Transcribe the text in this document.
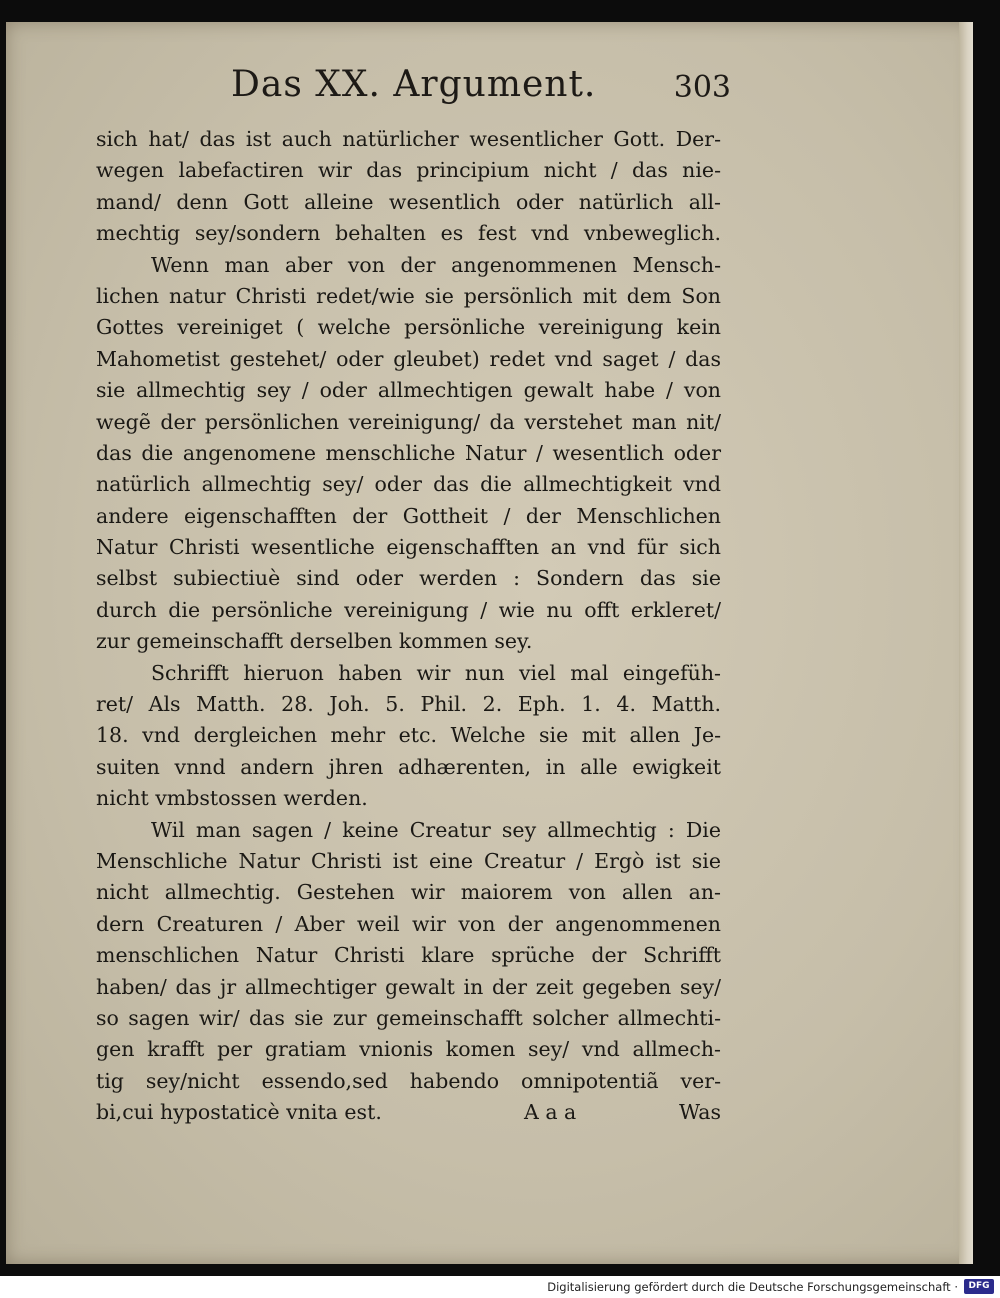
Das XX. Argument.	303
sich hat/ das ist auch natürlicher wesentlicher Gott. Der-
wegen labefactiren wir das principium nicht / das nie-
mand/ denn Gott alleine wesentlich oder natürlich all-
mechtig sey/sondern behalten es fest vnd vnbeweglich.
Wenn man aber von der angenommenen Mensch-
lichen natur Christi redet/wie sie persönlich mit dem Son
Gottes vereiniget ( welche persönliche vereinigung kein
Mahometist gestehet/ oder gleubet) redet vnd saget / das
sie allmechtig sey / oder allmechtigen gewalt habe / von
wegẽ der persönlichen vereinigung/ da verstehet man nit/
das die angenomene menschliche Natur / wesentlich oder
natürlich allmechtig sey/ oder das die allmechtigkeit vnd
andere eigenschafften der Gottheit / der Menschlichen
Natur Christi wesentliche eigenschafften an vnd für sich
selbst subiectiuè sind oder werden : Sondern das sie
durch die persönliche vereinigung / wie nu offt erkleret/
zur gemeinschafft derselben kommen sey.
Schrifft hieruon haben wir nun viel mal eingefüh-
ret/ Als Matth. 28. Joh. 5. Phil. 2. Eph. 1. 4. Matth.
18. vnd dergleichen mehr etc. Welche sie mit allen Je-
suiten vnnd andern jhren adhærenten, in alle ewigkeit
nicht vmbstossen werden.
Wil man sagen / keine Creatur sey allmechtig : Die
Menschliche Natur Christi ist eine Creatur / Ergò ist sie
nicht allmechtig. Gestehen wir maiorem von allen an-
dern Creaturen / Aber weil wir von der angenommenen
menschlichen Natur Christi klare sprüche der Schrifft
haben/ das jr allmechtiger gewalt in der zeit gegeben sey/
so sagen wir/ das sie zur gemeinschafft solcher allmechti-
gen krafft per gratiam vnionis komen sey/ vnd allmech-
tig sey/nicht essendo,sed habendo omnipotentiã ver-
bi,cui hypostaticè vnita est.	A a a	Was
Digitalisierung gefördert durch die Deutsche Forschungsgemeinschaft ·	DFG
